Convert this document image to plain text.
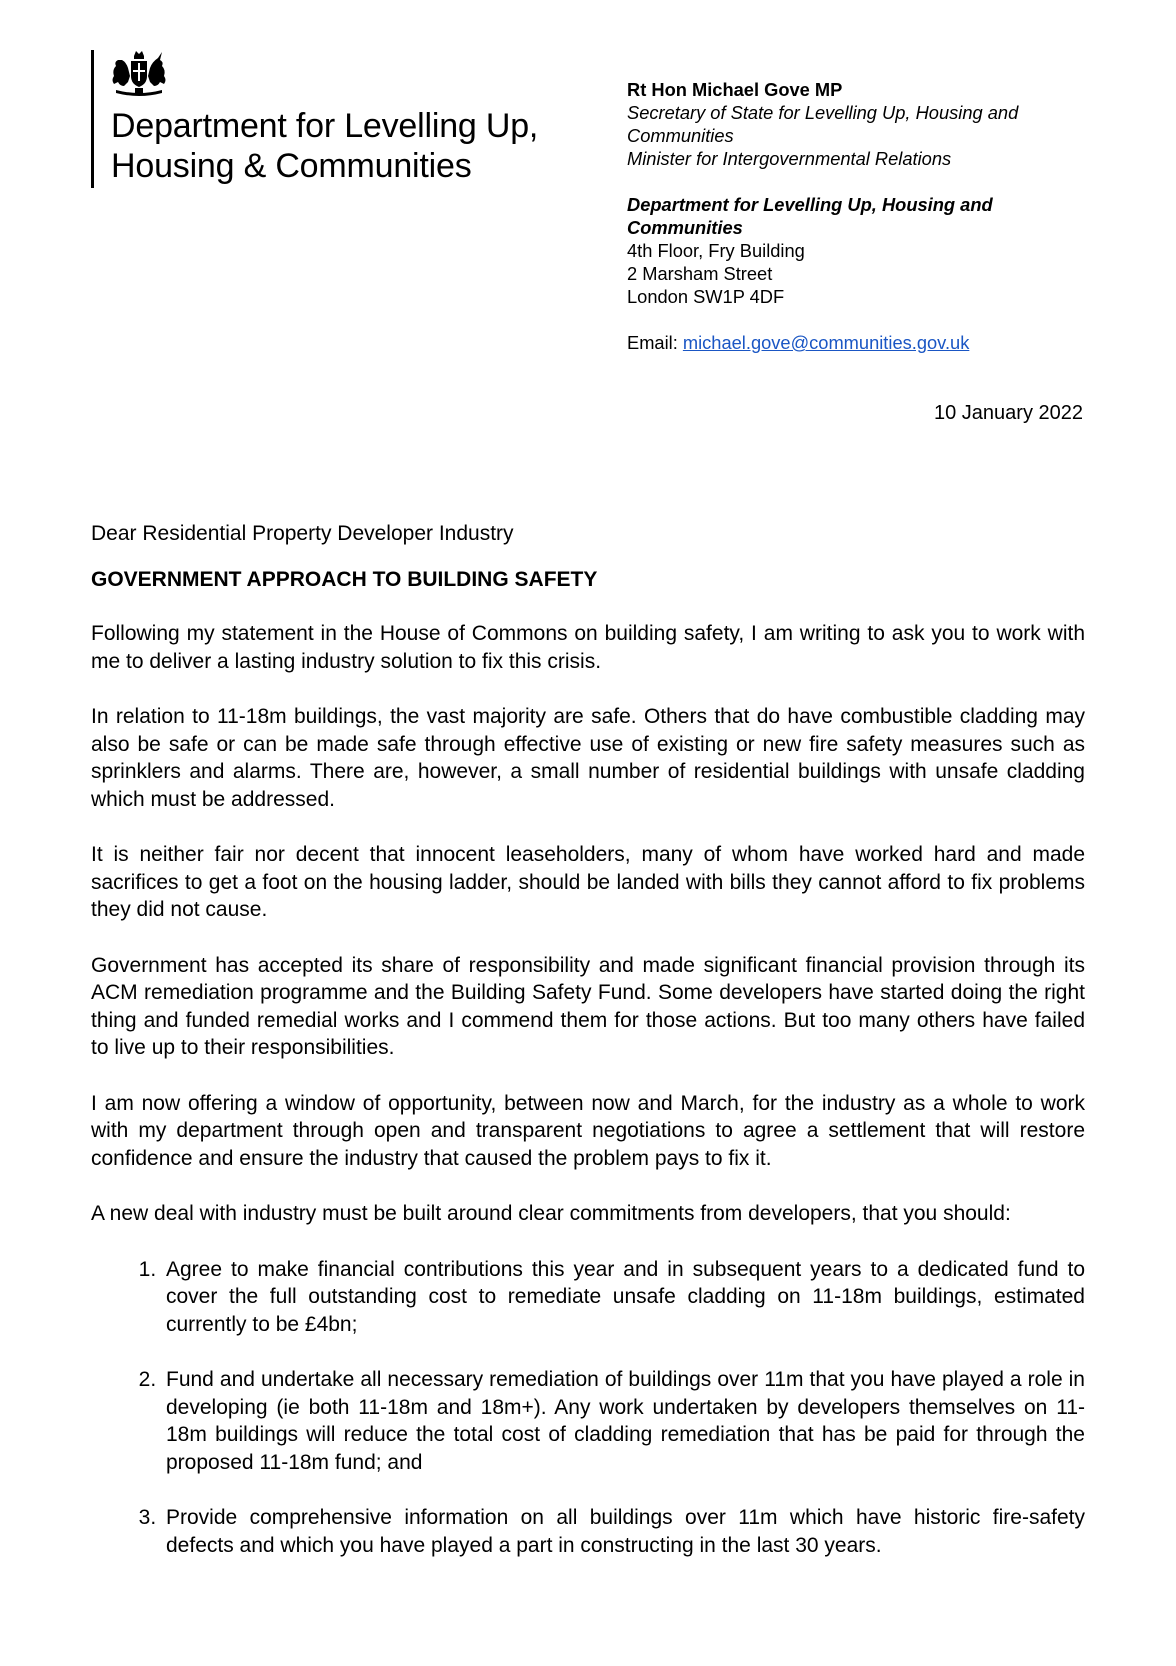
Department for Levelling Up,
Housing & Communities
Rt Hon Michael Gove MP
Secretary of State for Levelling Up, Housing and
Communities
Minister for Intergovernmental Relations
Department for Levelling Up, Housing and
Communities
4th Floor, Fry Building
2 Marsham Street
London SW1P 4DF
Email: michael.gove@communities.gov.uk
10 January 2022

Dear Residential Property Developer Industry

GOVERNMENT APPROACH TO BUILDING SAFETY

Following my statement in the House of Commons on building safety, I am writing to ask you to work with me to deliver a lasting industry solution to fix this crisis.

In relation to 11-18m buildings, the vast majority are safe. Others that do have combustible cladding may also be safe or can be made safe through effective use of existing or new fire safety measures such as sprinklers and alarms. There are, however, a small number of residential buildings with unsafe cladding which must be addressed.

It is neither fair nor decent that innocent leaseholders, many of whom have worked hard and made sacrifices to get a foot on the housing ladder, should be landed with bills they cannot afford to fix problems they did not cause.

Government has accepted its share of responsibility and made significant financial provision through its ACM remediation programme and the Building Safety Fund. Some developers have started doing the right thing and funded remedial works and I commend them for those actions. But too many others have failed to live up to their responsibilities.

I am now offering a window of opportunity, between now and March, for the industry as a whole to work with my department through open and transparent negotiations to agree a settlement that will restore confidence and ensure the industry that caused the problem pays to fix it.

A new deal with industry must be built around clear commitments from developers, that you should:

1. Agree to make financial contributions this year and in subsequent years to a dedicated fund to cover the full outstanding cost to remediate unsafe cladding on 11-18m buildings, estimated currently to be £4bn;
2. Fund and undertake all necessary remediation of buildings over 11m that you have played a role in developing (ie both 11-18m and 18m+). Any work undertaken by developers themselves on 11-18m buildings will reduce the total cost of cladding remediation that has be paid for through the proposed 11-18m fund; and
3. Provide comprehensive information on all buildings over 11m which have historic fire-safety defects and which you have played a part in constructing in the last 30 years.
